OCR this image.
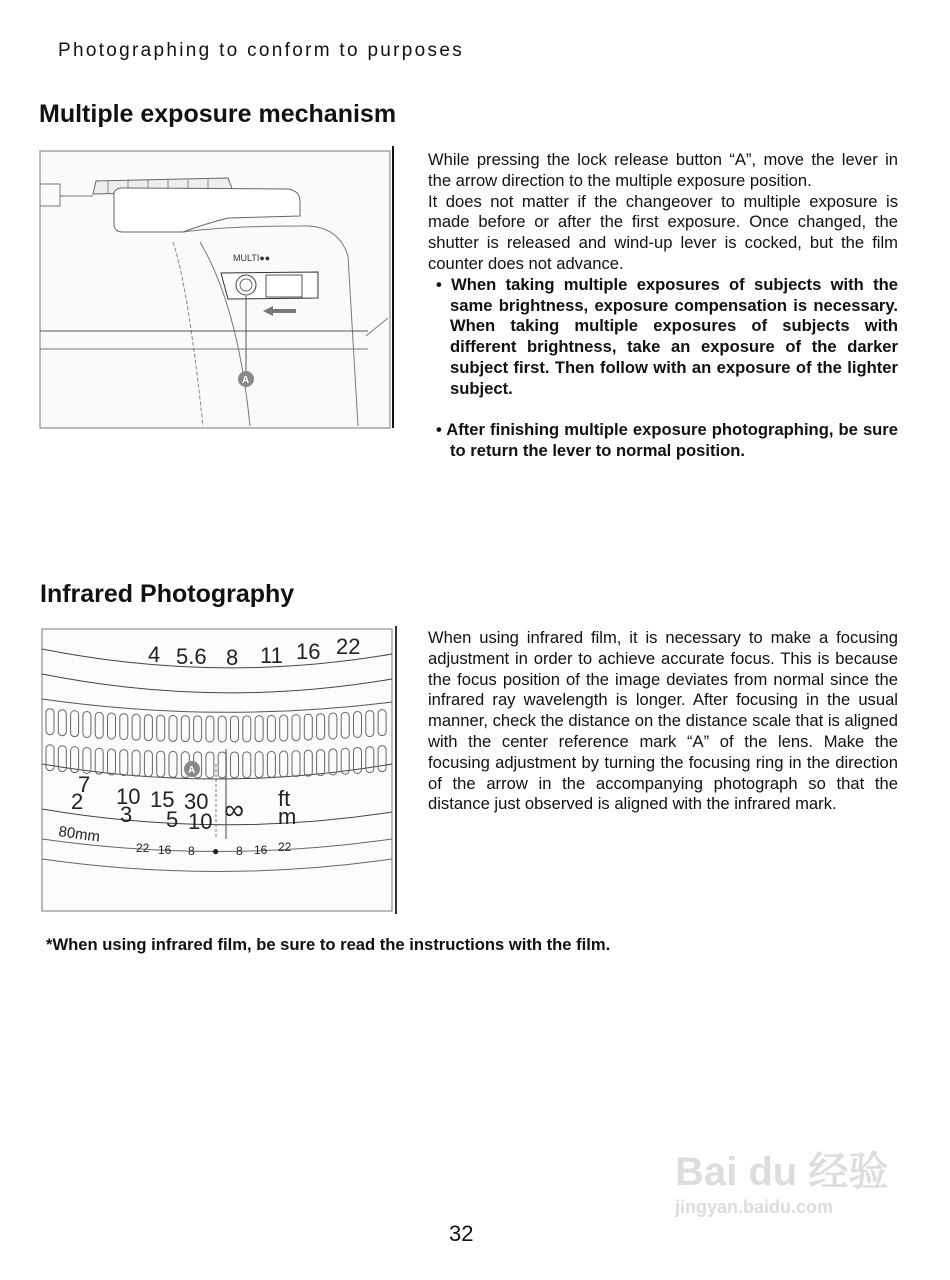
Photographing to conform to purposes
Multiple exposure mechanism
MULTI●●
A

While pressing the lock release button “A”, move the lever in the arrow direction to the multiple exposure position.

It does not matter if the changeover to multiple exposure is made before or after the first exposure. Once changed, the shutter is released and wind-up lever is cocked, but the film counter does not advance.

• When taking multiple exposures of subjects with the same brightness, exposure compensation is necessary. When taking multiple exposures of subjects with different brightness, take an exposure of the darker subject first. Then follow with an exposure of the lighter subject.

• After finishing multiple exposure photographing, be sure to return the lever to normal position.

Infrared Photography
4 5.6 8 11 16 22
7 10 15 30	ft
2
3 5 10 ∞ m
80mm
22 16 8 ● 8 16 22
A

When using infrared film, it is necessary to make a focusing adjustment in order to achieve accurate focus. This is because the focus position of the image deviates from normal since the infrared ray wavelength is longer. After focusing in the usual manner, check the distance on the distance scale that is aligned with the center reference mark “A” of the lens. Make the focusing adjustment by turning the focusing ring in the direction of the arrow in the accompanying photograph so that the distance just observed is aligned with the infrared mark.

*When using infrared film, be sure to read the instructions with the film.
32
Bai du 经验
jingyan.baidu.com
